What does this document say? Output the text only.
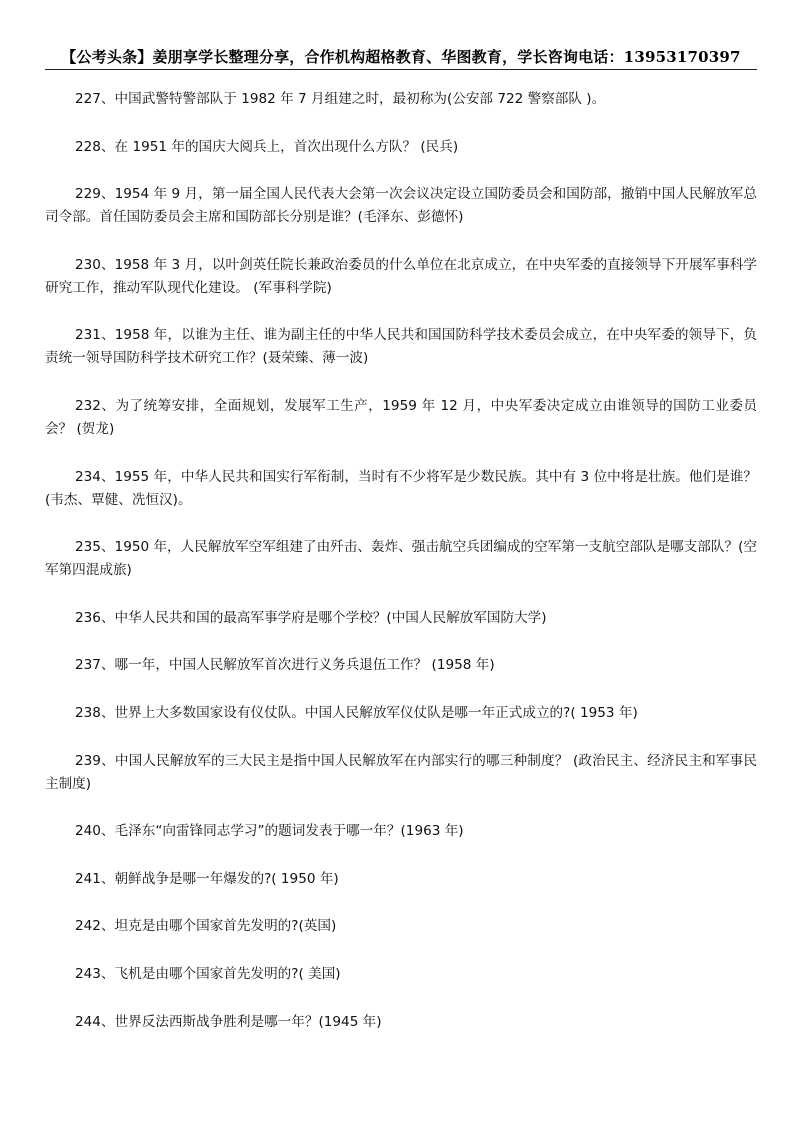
【公考头条】姜朋享学长整理分享，合作机构超格教育、华图教育，学长咨询电话：13953170397

227、中国武警特警部队于 1982 年 7 月组建之时，最初称为(公安部 722 警察部队 )。

228、在 1951 年的国庆大阅兵上，首次出现什么方队？ (民兵)

229、1954 年 9 月，第一届全国人民代表大会第一次会议决定设立国防委员会和国防部，撤销中国人民解放军总司令部。首任国防委员会主席和国防部长分别是谁？(毛泽东、彭德怀)

230、1958 年 3 月，以叶剑英任院长兼政治委员的什么单位在北京成立，在中央军委的直接领导下开展军事科学研究工作，推动军队现代化建设。 (军事科学院)

231、1958 年，以谁为主任、谁为副主任的中华人民共和国国防科学技术委员会成立，在中央军委的领导下，负责统一领导国防科学技术研究工作？(聂荣臻、薄一波)

232、为了统筹安排，全面规划，发展军工生产，1959 年 12 月，中央军委决定成立由谁领导的国防工业委员会？ (贺龙)

234、1955 年，中华人民共和国实行军衔制，当时有不少将军是少数民族。其中有 3 位中将是壮族。他们是谁？(韦杰、覃健、冼恒汉)。

235、1950 年，人民解放军空军组建了由歼击、轰炸、强击航空兵团编成的空军第一支航空部队是哪支部队？(空军第四混成旅)

236、中华人民共和国的最高军事学府是哪个学校？(中国人民解放军国防大学)

237、哪一年，中国人民解放军首次进行义务兵退伍工作？ (1958 年)

238、世界上大多数国家设有仪仗队。中国人民解放军仪仗队是哪一年正式成立的?( 1953 年)

239、中国人民解放军的三大民主是指中国人民解放军在内部实行的哪三种制度？ (政治民主、经济民主和军事民主制度)

240、毛泽东“向雷锋同志学习”的题词发表于哪一年？(1963 年)

241、朝鲜战争是哪一年爆发的?( 1950 年)

242、坦克是由哪个国家首先发明的?(英国)

243、飞机是由哪个国家首先发明的?( 美国)

244、世界反法西斯战争胜利是哪一年？(1945 年)
